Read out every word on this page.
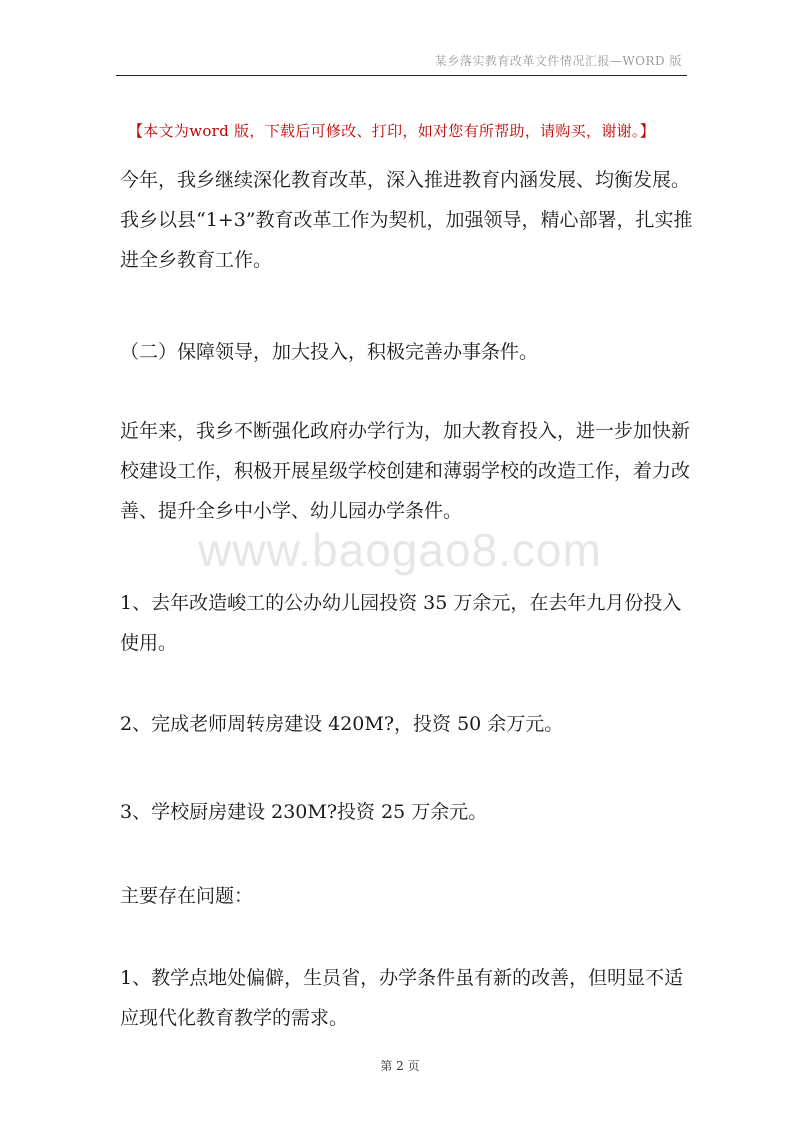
某乡落实教育改革文件情况汇报—WORD 版
【本文为word 版，下载后可修改、打印，如对您有所帮助，请购买，谢谢。】

今年，我乡继续深化教育改革，深入推进教育内涵发展、均衡发展。我乡以县“1+3”教育改革工作为契机，加强领导，精心部署，扎实推进全乡教育工作。

（二）保障领导，加大投入，积极完善办事条件。

近年来，我乡不断强化政府办学行为，加大教育投入，进一步加快新校建设工作，积极开展星级学校创建和薄弱学校的改造工作，着力改善、提升全乡中小学、幼儿园办学条件。

www.baogao8.com

1、去年改造峻工的公办幼儿园投资 35 万余元，在去年九月份投入使用。

2、完成老师周转房建设 420M?，投资 50 余万元。

3、学校厨房建设 230M?投资 25 万余元。

主要存在问题：

1、教学点地处偏僻，生员省，办学条件虽有新的改善，但明显不适应现代化教育教学的需求。

第 2 页
